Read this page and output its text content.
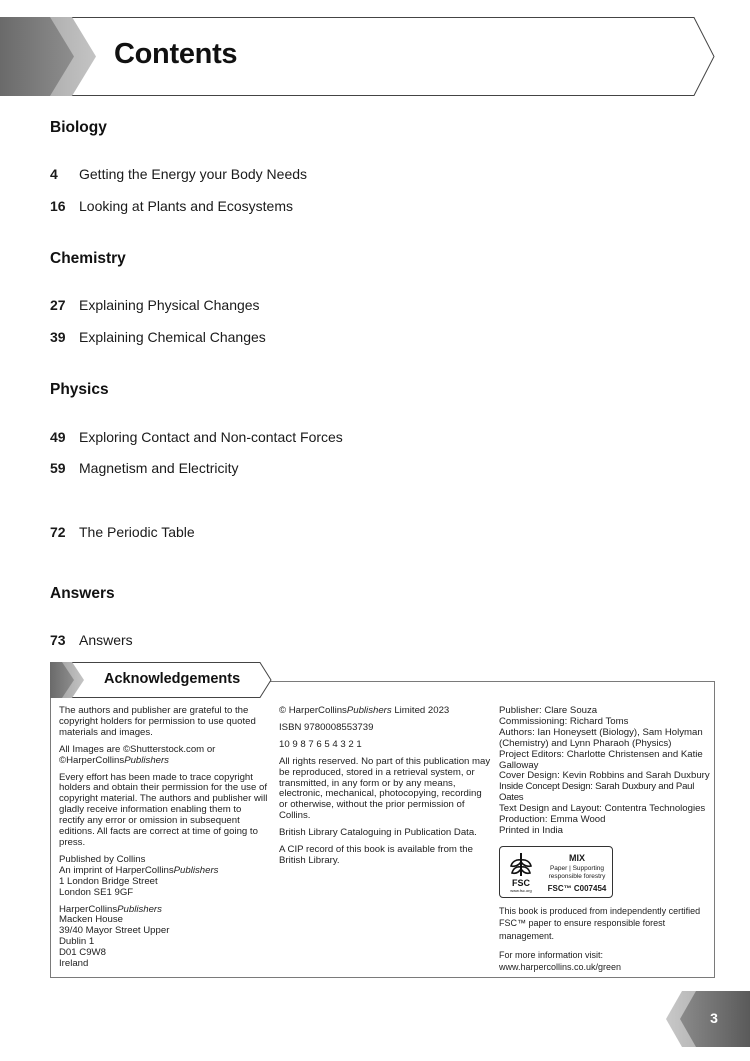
Contents
Biology
4 Getting the Energy your Body Needs
16 Looking at Plants and Ecosystems
Chemistry
27 Explaining Physical Changes
39 Explaining Chemical Changes
Physics
49 Exploring Contact and Non-contact Forces
59 Magnetism and Electricity
72 The Periodic Table
Answers
73 Answers
Acknowledgements

The authors and publisher are grateful to the copyright holders for permission to use quoted materials and images.

All Images are ©Shutterstock.com or
©HarperCollinsPublishers

Every effort has been made to trace copyright holders and obtain their permission for the use of copyright material. The authors and publisher will gladly receive information enabling them to rectify any error or omission in subsequent editions. All facts are correct at time of going to press.

Published by Collins
An imprint of HarperCollinsPublishers
1 London Bridge Street
London SE1 9GF

HarperCollinsPublishers
Macken House
39/40 Mayor Street Upper
Dublin 1
D01 C9W8
Ireland

© HarperCollinsPublishers Limited 2023

ISBN 9780008553739

10 9 8 7 6 5 4 3 2 1

All rights reserved. No part of this publication may be reproduced, stored in a retrieval system, or transmitted, in any form or by any means, electronic, mechanical, photocopying, recording or otherwise, without the prior permission of Collins.

British Library Cataloguing in Publication Data.

A CIP record of this book is available from the British Library.

Publisher: Clare Souza

Commissioning: Richard Toms

Authors: Ian Honeysett (Biology), Sam Holyman (Chemistry) and Lynn Pharaoh (Physics)

Project Editors: Charlotte Christensen and Katie Galloway

Cover Design: Kevin Robbins and Sarah Duxbury

Inside Concept Design: Sarah Duxbury and Paul Oates

Text Design and Layout: Contentra Technologies

Production: Emma Wood

Printed in India

FSC
www.fsc.org
MIX
Paper | Supporting responsible forestry
FSC™ C007454
This book is produced from independently certified FSC™ paper to ensure responsible forest management.
For more information visit:
www.harpercollins.co.uk/green
3
